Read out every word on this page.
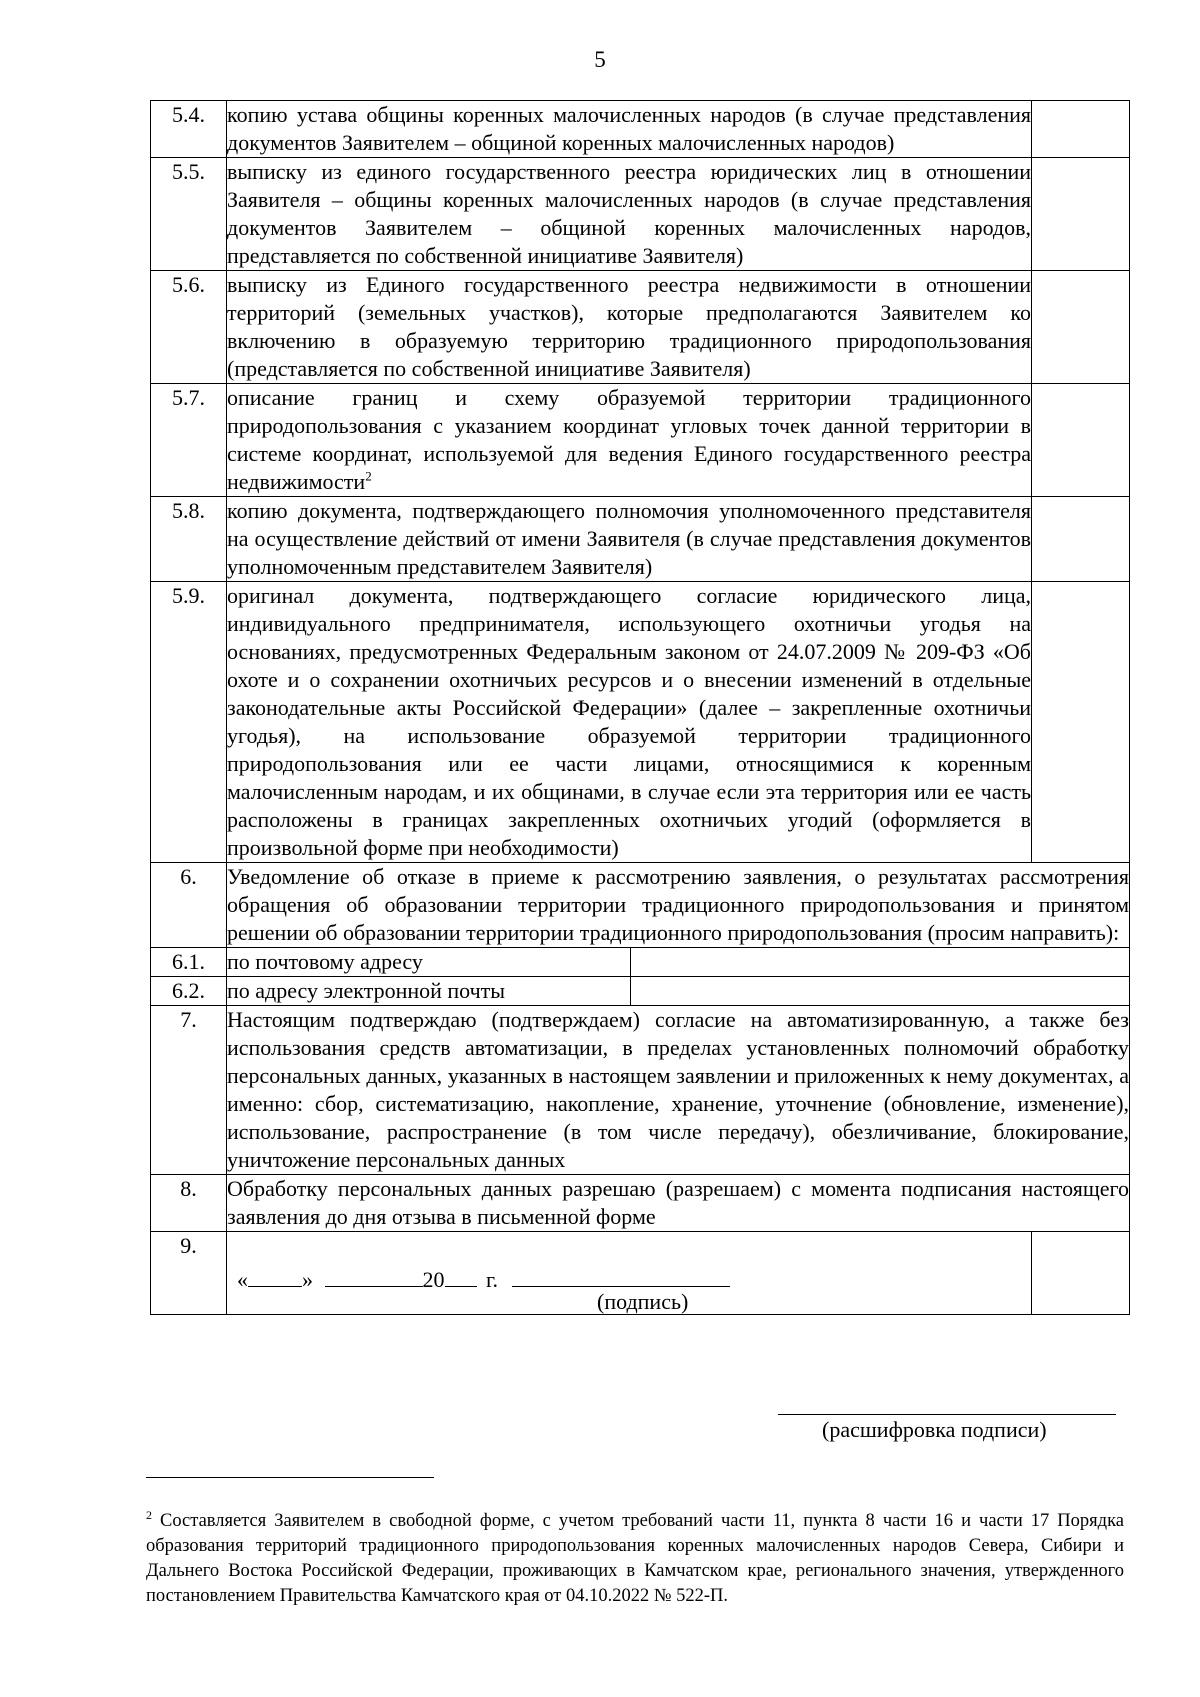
5
5.4.	копию устава общины коренных малочисленных народов (в случае представления документов Заявителем – общиной коренных малочисленных народов)		
5.5.	выписку из единого государственного реестра юридических лиц в отношении Заявителя – общины коренных малочисленных народов (в случае представления документов Заявителем – общиной коренных малочисленных народов, представляется по собственной инициативе Заявителя)		
5.6.	выписку из Единого государственного реестра недвижимости в отношении территорий (земельных участков), которые предполагаются Заявителем ко включению в образуемую территорию традиционного природопользования (представляется по собственной инициативе Заявителя)		
5.7.	описание границ и схему образуемой территории традиционного природопользования с указанием координат угловых точек данной территории в системе координат, используемой для ведения Единого государственного реестра недвижимости$^2$	
5.8.	копию документа, подтверждающего полномочия уполномоченного представителя на осуществление действий от имени Заявителя (в случае представления документов уполномоченным представителем Заявителя)		
5.9.	оригинал документа, подтверждающего согласие юридического лица, индивидуального предпринимателя, использующего охотничьи угодья на основаниях, предусмотренных Федеральным законом от 24.07.2009 № 209-ФЗ «Об охоте и о сохранении охотничьих ресурсов и о внесении изменений в отдельные законодательные акты Российской Федерации» (далее – закрепленные охотничьи угодья), на использование образуемой территории традиционного природопользования или ее части лицами, относящимися к коренным малочисленным народам, и их общинами, в случае если эта территория или ее часть расположены в границах закрепленных охотничьих угодий (оформляется в произвольной форме при необходимости)		
6.	Уведомление об отказе в приеме к рассмотрению заявления, о результатах рассмотрения обращения об образовании территории традиционного природопользования и принятом решении об образовании территории традиционного природопользования (просим направить):		
6.1.	по почтовому адресу		
6.2.	по адресу электронной почты		
7.	Настоящим подтверждаю (подтверждаем) согласие на автоматизированную, а также без использования средств автоматизации, в пределах установленных полномочий обработку персональных данных, указанных в настоящем заявлении и приложенных к нему документах, а именно: сбор, систематизацию, накопление, хранение, уточнение (обновление, изменение), использование, распространение (в том числе передачу), обезличивание, блокирование, уничтожение персональных данных		
8.	Обработку персональных данных разрешаю (разрешаем) с момента подписания настоящего заявления до дня отзыва в письменной форме		
9.	« » 20 г.
(подпись)		

(расшифровка подписи)
$^2$ Составляется Заявителем в свободной форме, с учетом требований части 11, пункта 8 части 16 и части 17 Порядка образования территорий традиционного природопользования коренных малочисленных народов Севера, Сибири и Дальнего Востока Российской Федерации, проживающих в Камчатском крае, регионального значения, утвержденного постановлением Правительства Камчатского края от 04.10.2022 № 522-П.
